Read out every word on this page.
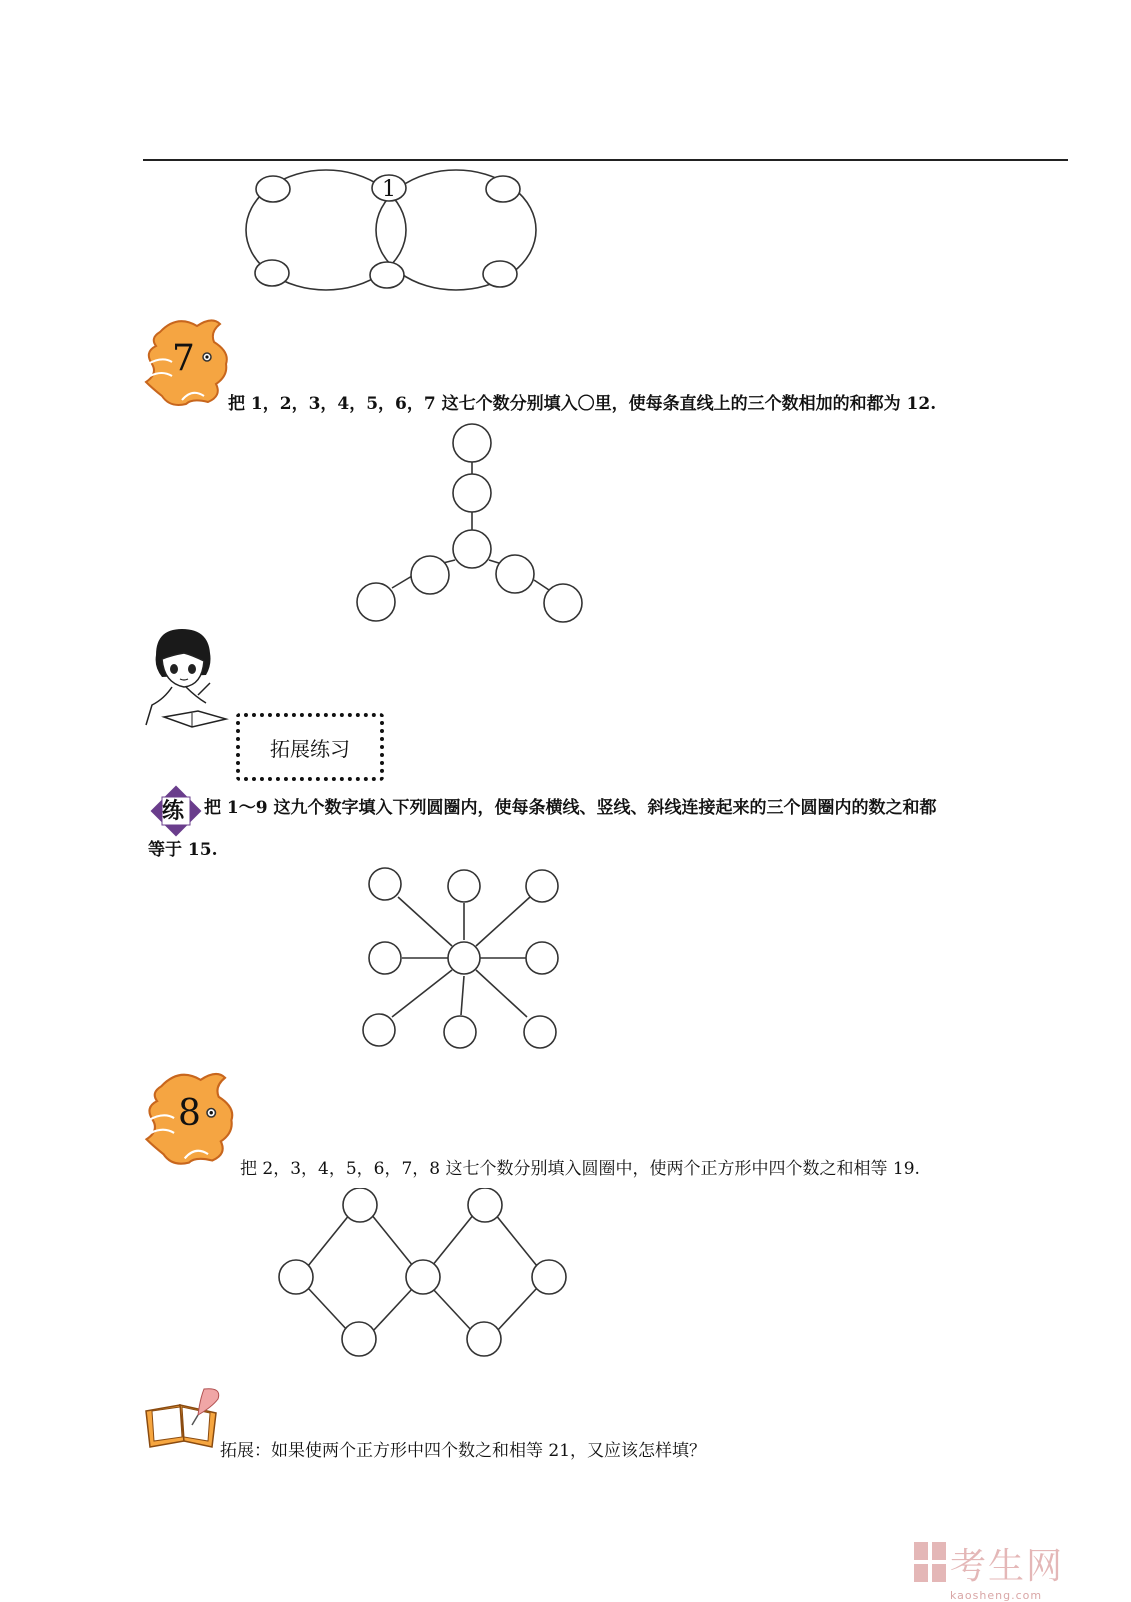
1
7
把 1，2，3，4，5，6，7 这七个数分别填入〇里，使每条直线上的三个数相加的和都为 12.
拓展练习
练 把 1～9 这九个数字填入下列圆圈内，使每条横线、竖线、斜线连接起来的三个圆圈内的数之和都
等于 15.
8
把 2，3，4，5，6，7，8 这七个数分别填入圆圈中，使两个正方形中四个数之和相等 19.
拓展：如果使两个正方形中四个数之和相等 21，又应该怎样填？
考生网
kaosheng.com
